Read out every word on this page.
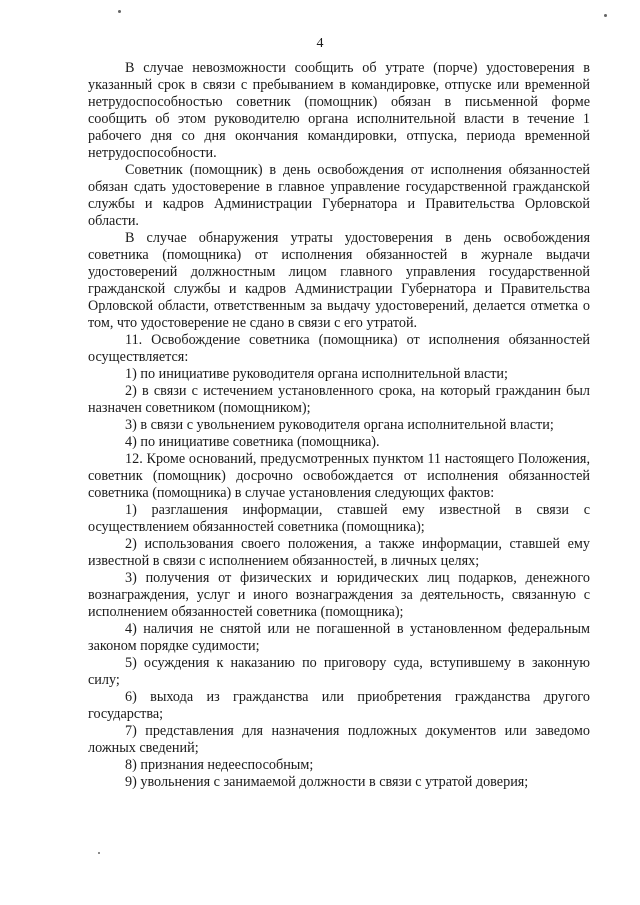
4

В случае невозможности сообщить об утрате (порче) удостоверения в указанный срок в связи с пребыванием в командировке, отпуске или временной нетрудоспособностью советник (помощник) обязан в письменной форме сообщить об этом руководителю органа исполнительной власти в течение 1 рабочего дня со дня окончания командировки, отпуска, периода временной нетрудоспособности.

Советник (помощник) в день освобождения от исполнения обязанностей обязан сдать удостоверение в главное управление государственной гражданской службы и кадров Администрации Губернатора и Правительства Орловской области.

В случае обнаружения утраты удостоверения в день освобождения советника (помощника) от исполнения обязанностей в журнале выдачи удостоверений должностным лицом главного управления государственной гражданской службы и кадров Администрации Губернатора и Правительства Орловской области, ответственным за выдачу удостоверений, делается отметка о том, что удостоверение не сдано в связи с его утратой.

11. Освобождение советника (помощника) от исполнения обязанностей осуществляется:

1) по инициативе руководителя органа исполнительной власти;

2) в связи с истечением установленного срока, на который гражданин был назначен советником (помощником);

3) в связи с увольнением руководителя органа исполнительной власти;

4) по инициативе советника (помощника).

12. Кроме оснований, предусмотренных пунктом 11 настоящего Положения, советник (помощник) досрочно освобождается от исполнения обязанностей советника (помощника) в случае установления следующих фактов:

1) разглашения информации, ставшей ему известной в связи с осуществлением обязанностей советника (помощника);

2) использования своего положения, а также информации, ставшей ему известной в связи с исполнением обязанностей, в личных целях;

3) получения от физических и юридических лиц подарков, денежного вознаграждения, услуг и иного вознаграждения за деятельность, связанную с исполнением обязанностей советника (помощника);

4) наличия не снятой или не погашенной в установленном федеральным законом порядке судимости;

5) осуждения к наказанию по приговору суда, вступившему в законную силу;

6) выхода из гражданства или приобретения гражданства другого государства;

7) представления для назначения подложных документов или заведомо ложных сведений;

8) признания недееспособным;

9) увольнения с занимаемой должности в связи с утратой доверия;
